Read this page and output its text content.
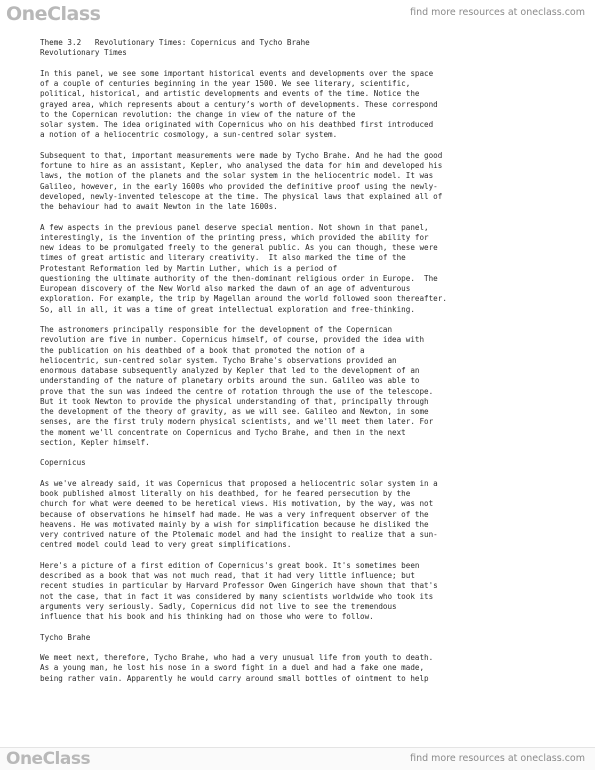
OneClass	find more resources at oneclass.com
Theme 3.2   Revolutionary Times: Copernicus and Tycho Brahe
Revolutionary Times
In this panel, we see some important historical events and developments over the space
of a couple of centuries beginning in the year 1500. We see literary, scientific,
political, historical, and artistic developments and events of the time. Notice the
grayed area, which represents about a century’s worth of developments. These correspond
to the Copernican revolution: the change in view of the nature of the
solar system. The idea originated with Copernicus who on his deathbed first introduced
a notion of a heliocentric cosmology, a sun-centred solar system.
Subsequent to that, important measurements were made by Tycho Brahe. And he had the good
fortune to hire as an assistant, Kepler, who analysed the data for him and developed his
laws, the motion of the planets and the solar system in the heliocentric model. It was
Galileo, however, in the early 1600s who provided the definitive proof using the newly-
developed, newly-invented telescope at the time. The physical laws that explained all of
the behaviour had to await Newton in the late 1600s.
A few aspects in the previous panel deserve special mention. Not shown in that panel,
interestingly, is the invention of the printing press, which provided the ability for
new ideas to be promulgated freely to the general public. As you can though, these were
times of great artistic and literary creativity.  It also marked the time of the
Protestant Reformation led by Martin Luther, which is a period of
questioning the ultimate authority of the then-dominant religious order in Europe.  The
European discovery of the New World also marked the dawn of an age of adventurous
exploration. For example, the trip by Magellan around the world followed soon thereafter.
So, all in all, it was a time of great intellectual exploration and free-thinking.
The astronomers principally responsible for the development of the Copernican
revolution are five in number. Copernicus himself, of course, provided the idea with
the publication on his deathbed of a book that promoted the notion of a
heliocentric, sun-centred solar system. Tycho Brahe's observations provided an
enormous database subsequently analyzed by Kepler that led to the development of an
understanding of the nature of planetary orbits around the sun. Galileo was able to
prove that the sun was indeed the centre of rotation through the use of the telescope.
But it took Newton to provide the physical understanding of that, principally through
the development of the theory of gravity, as we will see. Galileo and Newton, in some
senses, are the first truly modern physical scientists, and we'll meet them later. For
the moment we'll concentrate on Copernicus and Tycho Brahe, and then in the next
section, Kepler himself.
Copernicus
As we've already said, it was Copernicus that proposed a heliocentric solar system in a
book published almost literally on his deathbed, for he feared persecution by the
church for what were deemed to be heretical views. His motivation, by the way, was not
because of observations he himself had made. He was a very infrequent observer of the
heavens. He was motivated mainly by a wish for simplification because he disliked the
very contrived nature of the Ptolemaic model and had the insight to realize that a sun-
centred model could lead to very great simplifications.
Here's a picture of a first edition of Copernicus's great book. It's sometimes been
described as a book that was not much read, that it had very little influence; but
recent studies in particular by Harvard Professor Owen Gingerich have shown that that's
not the case, that in fact it was considered by many scientists worldwide who took its
arguments very seriously. Sadly, Copernicus did not live to see the tremendous
influence that his book and his thinking had on those who were to follow.
Tycho Brahe
We meet next, therefore, Tycho Brahe, who had a very unusual life from youth to death.
As a young man, he lost his nose in a sword fight in a duel and had a fake one made,
being rather vain. Apparently he would carry around small bottles of ointment to help
OneClass	find more resources at oneclass.com
